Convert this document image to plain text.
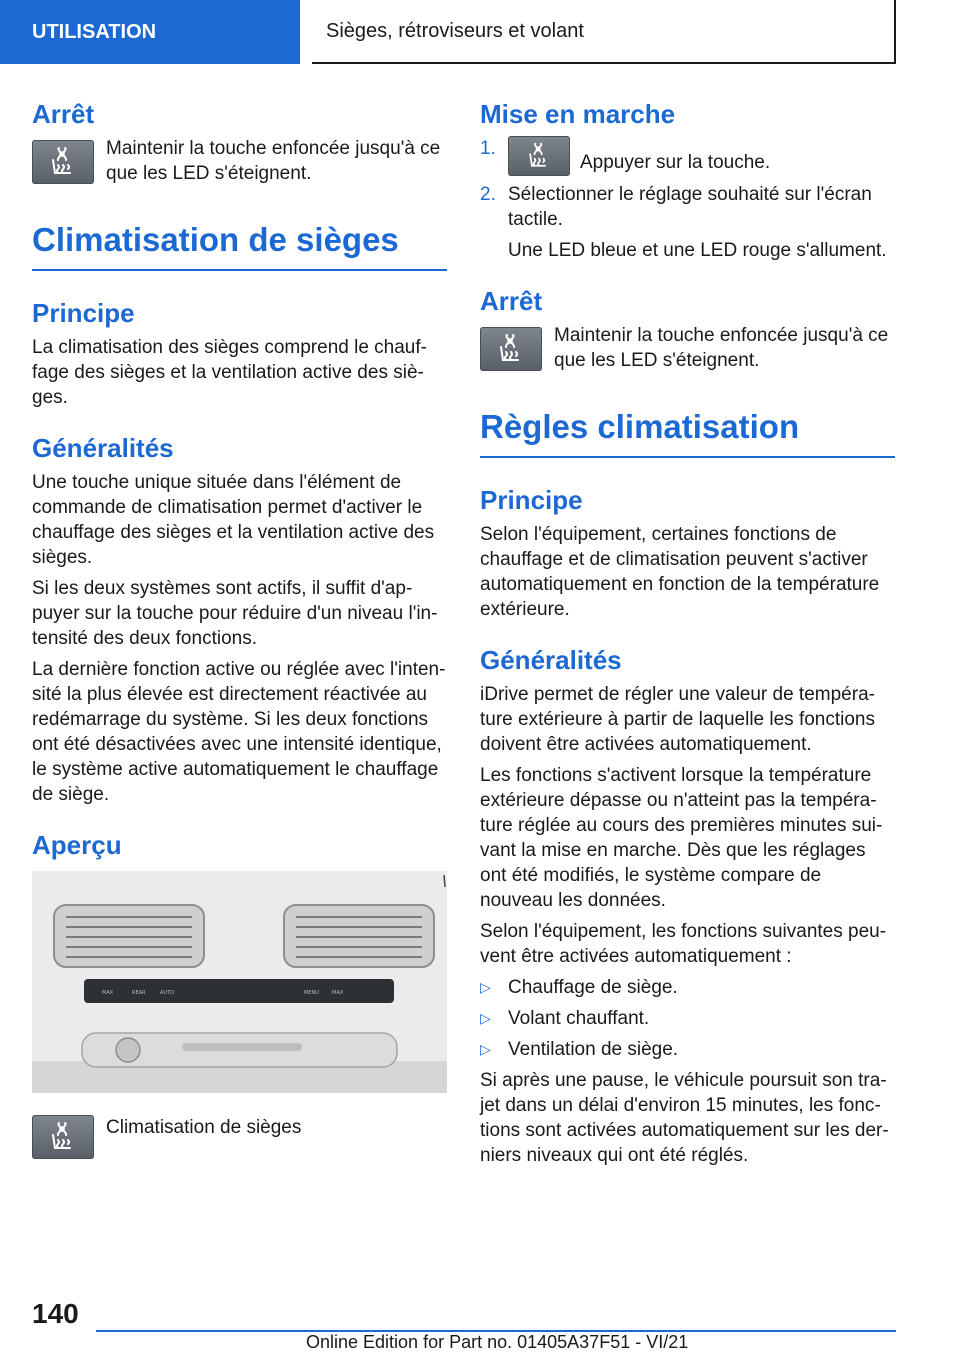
UTILISATION	Sièges, rétroviseurs et volant
Arrêt

Maintenir la touche enfoncée jusqu'à ce que les LED s'éteignent.

Climatisation de sièges
Principe

La climatisation des sièges comprend le chauffage des sièges et la ventilation active des sièges.

Généralités

Une touche unique située dans l'élément de commande de climatisation permet d'activer le chauffage des sièges et la ventilation active des sièges.

Si les deux systèmes sont actifs, il suffit d'appuyer sur la touche pour réduire d'un niveau l'intensité des deux fonctions.

La dernière fonction active ou réglée avec l'intensité la plus élevée est directement réactivée au redémarrage du système. Si les deux fonctions ont été désactivées avec une intensité identique, le système active automatiquement le chauffage de siège.

Aperçu
MAX	REAR	AUTO	MENU	MAX

Climatisation de sièges

Mise en marche
1.
Appuyer sur la touche.
2. Sélectionner le réglage souhaité sur l'écran tactile.

Une LED bleue et une LED rouge s'allument.

Arrêt

Maintenir la touche enfoncée jusqu'à ce que les LED s'éteignent.

Règles climatisation
Principe

Selon l'équipement, certaines fonctions de chauffage et de climatisation peuvent s'activer automatiquement en fonction de la température extérieure.

Généralités

iDrive permet de régler une valeur de température extérieure à partir de laquelle les fonctions doivent être activées automatiquement.

Les fonctions s'activent lorsque la température extérieure dépasse ou n'atteint pas la température réglée au cours des premières minutes suivant la mise en marche. Dès que les réglages ont été modifiés, le système compare de nouveau les données.

Selon l'équipement, les fonctions suivantes peuvent être activées automatiquement :

▷ Chauffage de siège.
▷ Volant chauffant.
▷ Ventilation de siège.

Si après une pause, le véhicule poursuit son trajet dans un délai d'environ 15 minutes, les fonctions sont activées automatiquement sur les derniers niveaux qui ont été réglés.

140
Online Edition for Part no. 01405A37F51 - VI/21
